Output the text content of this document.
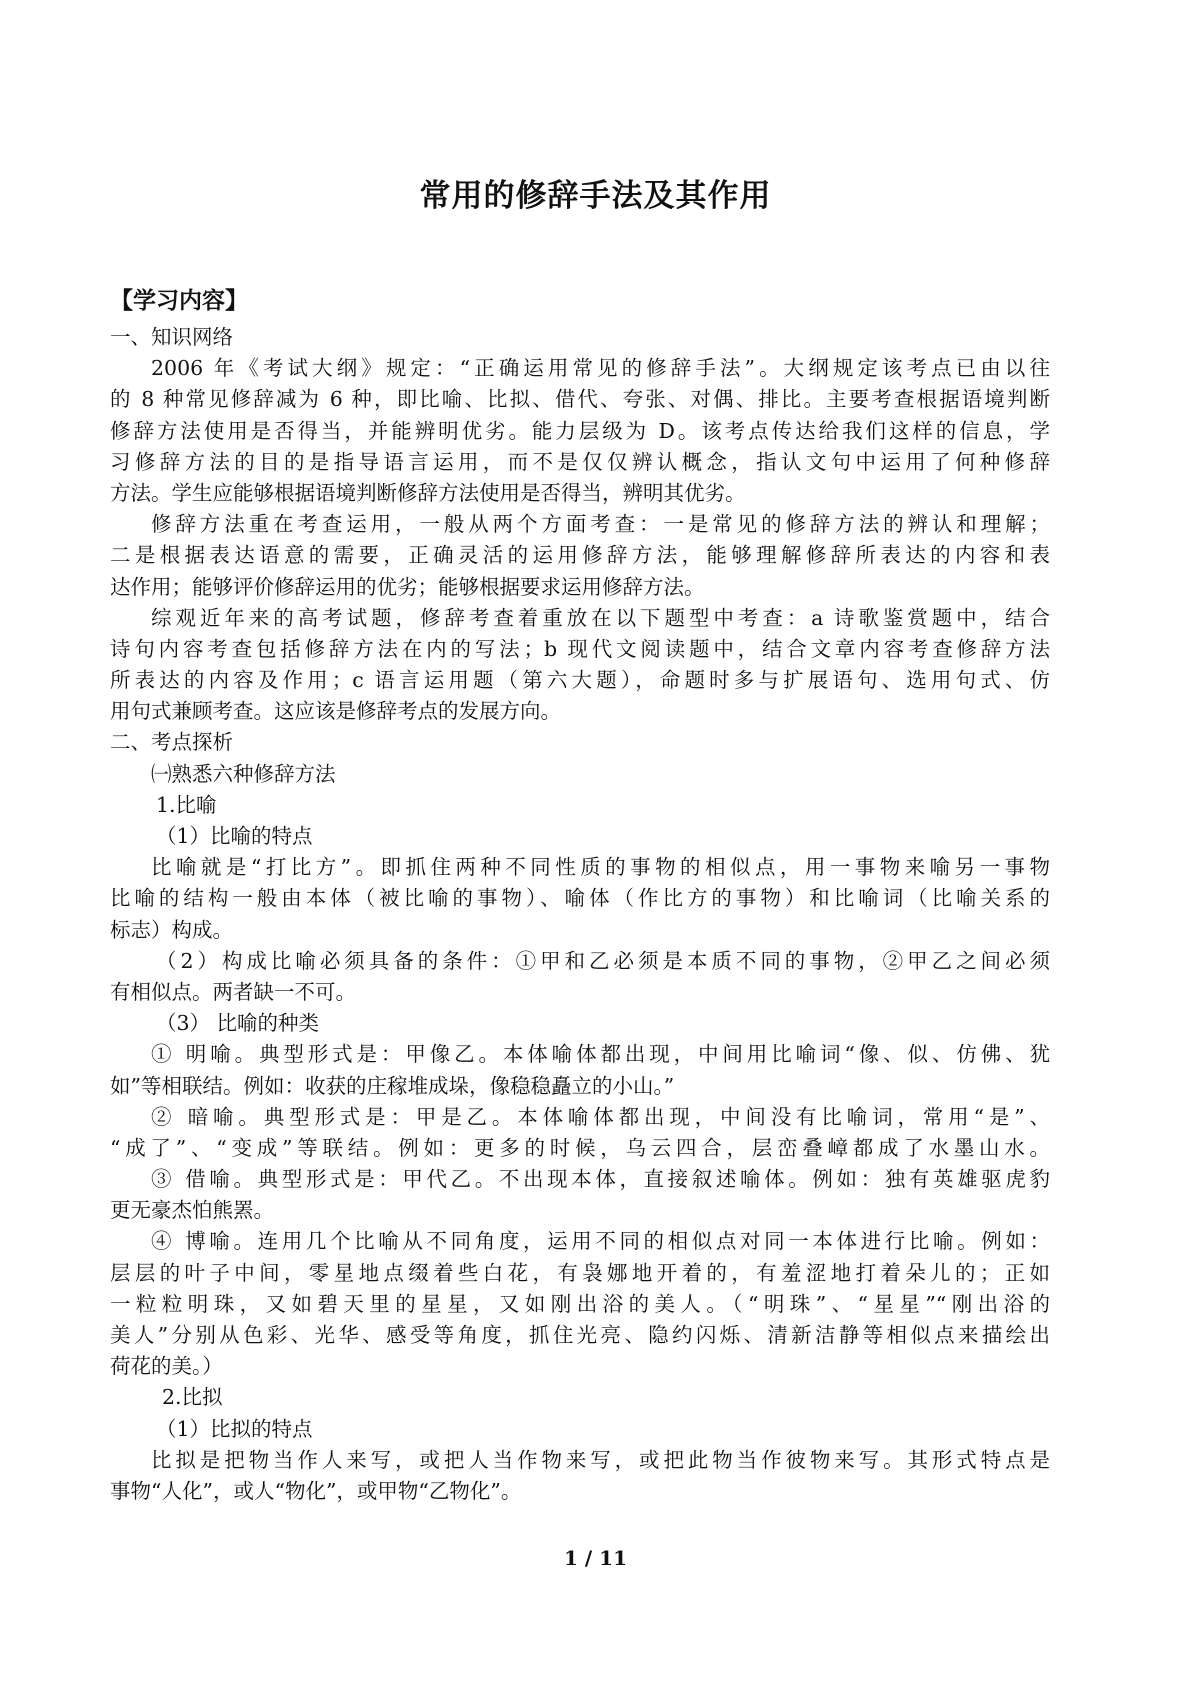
常用的修辞手法及其作用
【学习内容】
一、知识网络
2006 年《考试大纲》规定：“正确运用常见的修辞手法”。大纲规定该考点已由以往
的 8 种常见修辞减为 6 种，即比喻、比拟、借代、夸张、对偶、排比。主要考查根据语境判断
修辞方法使用是否得当，并能辨明优劣。能力层级为 D。该考点传达给我们这样的信息，学
习修辞方法的目的是指导语言运用，而不是仅仅辨认概念，指认文句中运用了何种修辞
方法。学生应能够根据语境判断修辞方法使用是否得当，辨明其优劣。
修辞方法重在考查运用，一般从两个方面考查：一是常见的修辞方法的辨认和理解；
二是根据表达语意的需要，正确灵活的运用修辞方法，能够理解修辞所表达的内容和表
达作用；能够评价修辞运用的优劣；能够根据要求运用修辞方法。
综观近年来的高考试题，修辞考查着重放在以下题型中考查：a 诗歌鉴赏题中，结合
诗句内容考查包括修辞方法在内的写法；b 现代文阅读题中，结合文章内容考查修辞方法
所表达的内容及作用；c 语言运用题（第六大题），命题时多与扩展语句、选用句式、仿
用句式兼顾考查。这应该是修辞考点的发展方向。
二、考点探析
㈠熟悉六种修辞方法
1.比喻
（1）比喻的特点
比喻就是“打比方”。即抓住两种不同性质的事物的相似点，用一事物来喻另一事物
比喻的结构一般由本体（被比喻的事物）、喻体（作比方的事物）和比喻词（比喻关系的
标志）构成。
（2）构成比喻必须具备的条件：①甲和乙必须是本质不同的事物，②甲乙之间必须
有相似点。两者缺一不可。
（3） 比喻的种类
① 明喻。典型形式是：甲像乙。本体喻体都出现，中间用比喻词“像、似、仿佛、犹
如”等相联结。例如：收获的庄稼堆成垛，像稳稳矗立的小山。”
② 暗喻。典型形式是：甲是乙。本体喻体都出现，中间没有比喻词，常用“是”、
“成了”、“变成”等联结。例如：更多的时候，乌云四合，层峦叠嶂都成了水墨山水。
③ 借喻。典型形式是：甲代乙。不出现本体，直接叙述喻体。例如：独有英雄驱虎豹
更无豪杰怕熊罴。
④ 博喻。连用几个比喻从不同角度，运用不同的相似点对同一本体进行比喻。例如：
层层的叶子中间，零星地点缀着些白花，有袅娜地开着的，有羞涩地打着朵儿的；正如
一粒粒明珠，又如碧天里的星星，又如刚出浴的美人。（“明珠”、“星星”“刚出浴的
美人”分别从色彩、光华、感受等角度，抓住光亮、隐约闪烁、清新洁静等相似点来描绘出
荷花的美。）
2.比拟
（1）比拟的特点
比拟是把物当作人来写，或把人当作物来写，或把此物当作彼物来写。其形式特点是
事物“人化”，或人“物化”，或甲物“乙物化”。
1 / 11
